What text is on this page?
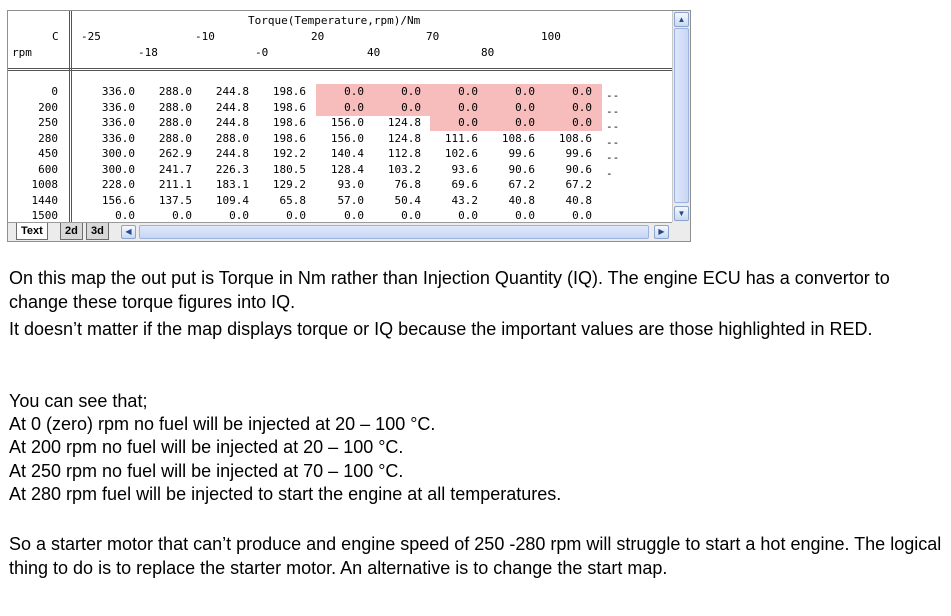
Torque(Temperature,rpm)/Nm
C
rpm
-25
-18
-10
-0
20
40
70
80
100
0	336.0	288.0	244.8	198.6	0.0	0.0	0.0	0.0	0.0 --
200	336.0	288.0	244.8	198.6	0.0	0.0	0.0	0.0	0.0 --
250	336.0	288.0	244.8	198.6	156.0	124.8	0.0	0.0	0.0 --
280	336.0	288.0	288.0	198.6	156.0	124.8	111.6	108.6	108.6 --
450	300.0	262.9	244.8	192.2	140.4	112.8	102.6	99.6	99.6 --
600	300.0	241.7	226.3	180.5	128.4	103.2	93.6	90.6	90.6 -
1008	228.0	211.1	183.1	129.2	93.0	76.8	69.6	67.2	67.2
1440	156.6	137.5	109.4	65.8	57.0	50.4	43.2	40.8	40.8
1500	0.0	0.0	0.0	0.0	0.0	0.0	0.0	0.0	0.0
▲
▼
Text	2d	3d	◀	▶

On this map the out put is Torque in Nm rather than Injection Quantity (IQ). The engine ECU has a convertor to change these torque figures into IQ.

It doesn’t matter if the map displays torque or IQ because the important values are those highlighted in RED.

You can see that;

At 0 (zero) rpm no fuel will be injected at 20 – 100 °C.

At 200 rpm no fuel will be injected at 20 – 100 °C.

At 250 rpm no fuel will be injected at 70 – 100 °C.

At 280 rpm fuel will be injected to start the engine at all temperatures.

So a starter motor that can’t produce and engine speed of 250 -280 rpm will struggle to start a hot engine. The logical thing to do is to replace the starter motor. An alternative is to change the start map.
